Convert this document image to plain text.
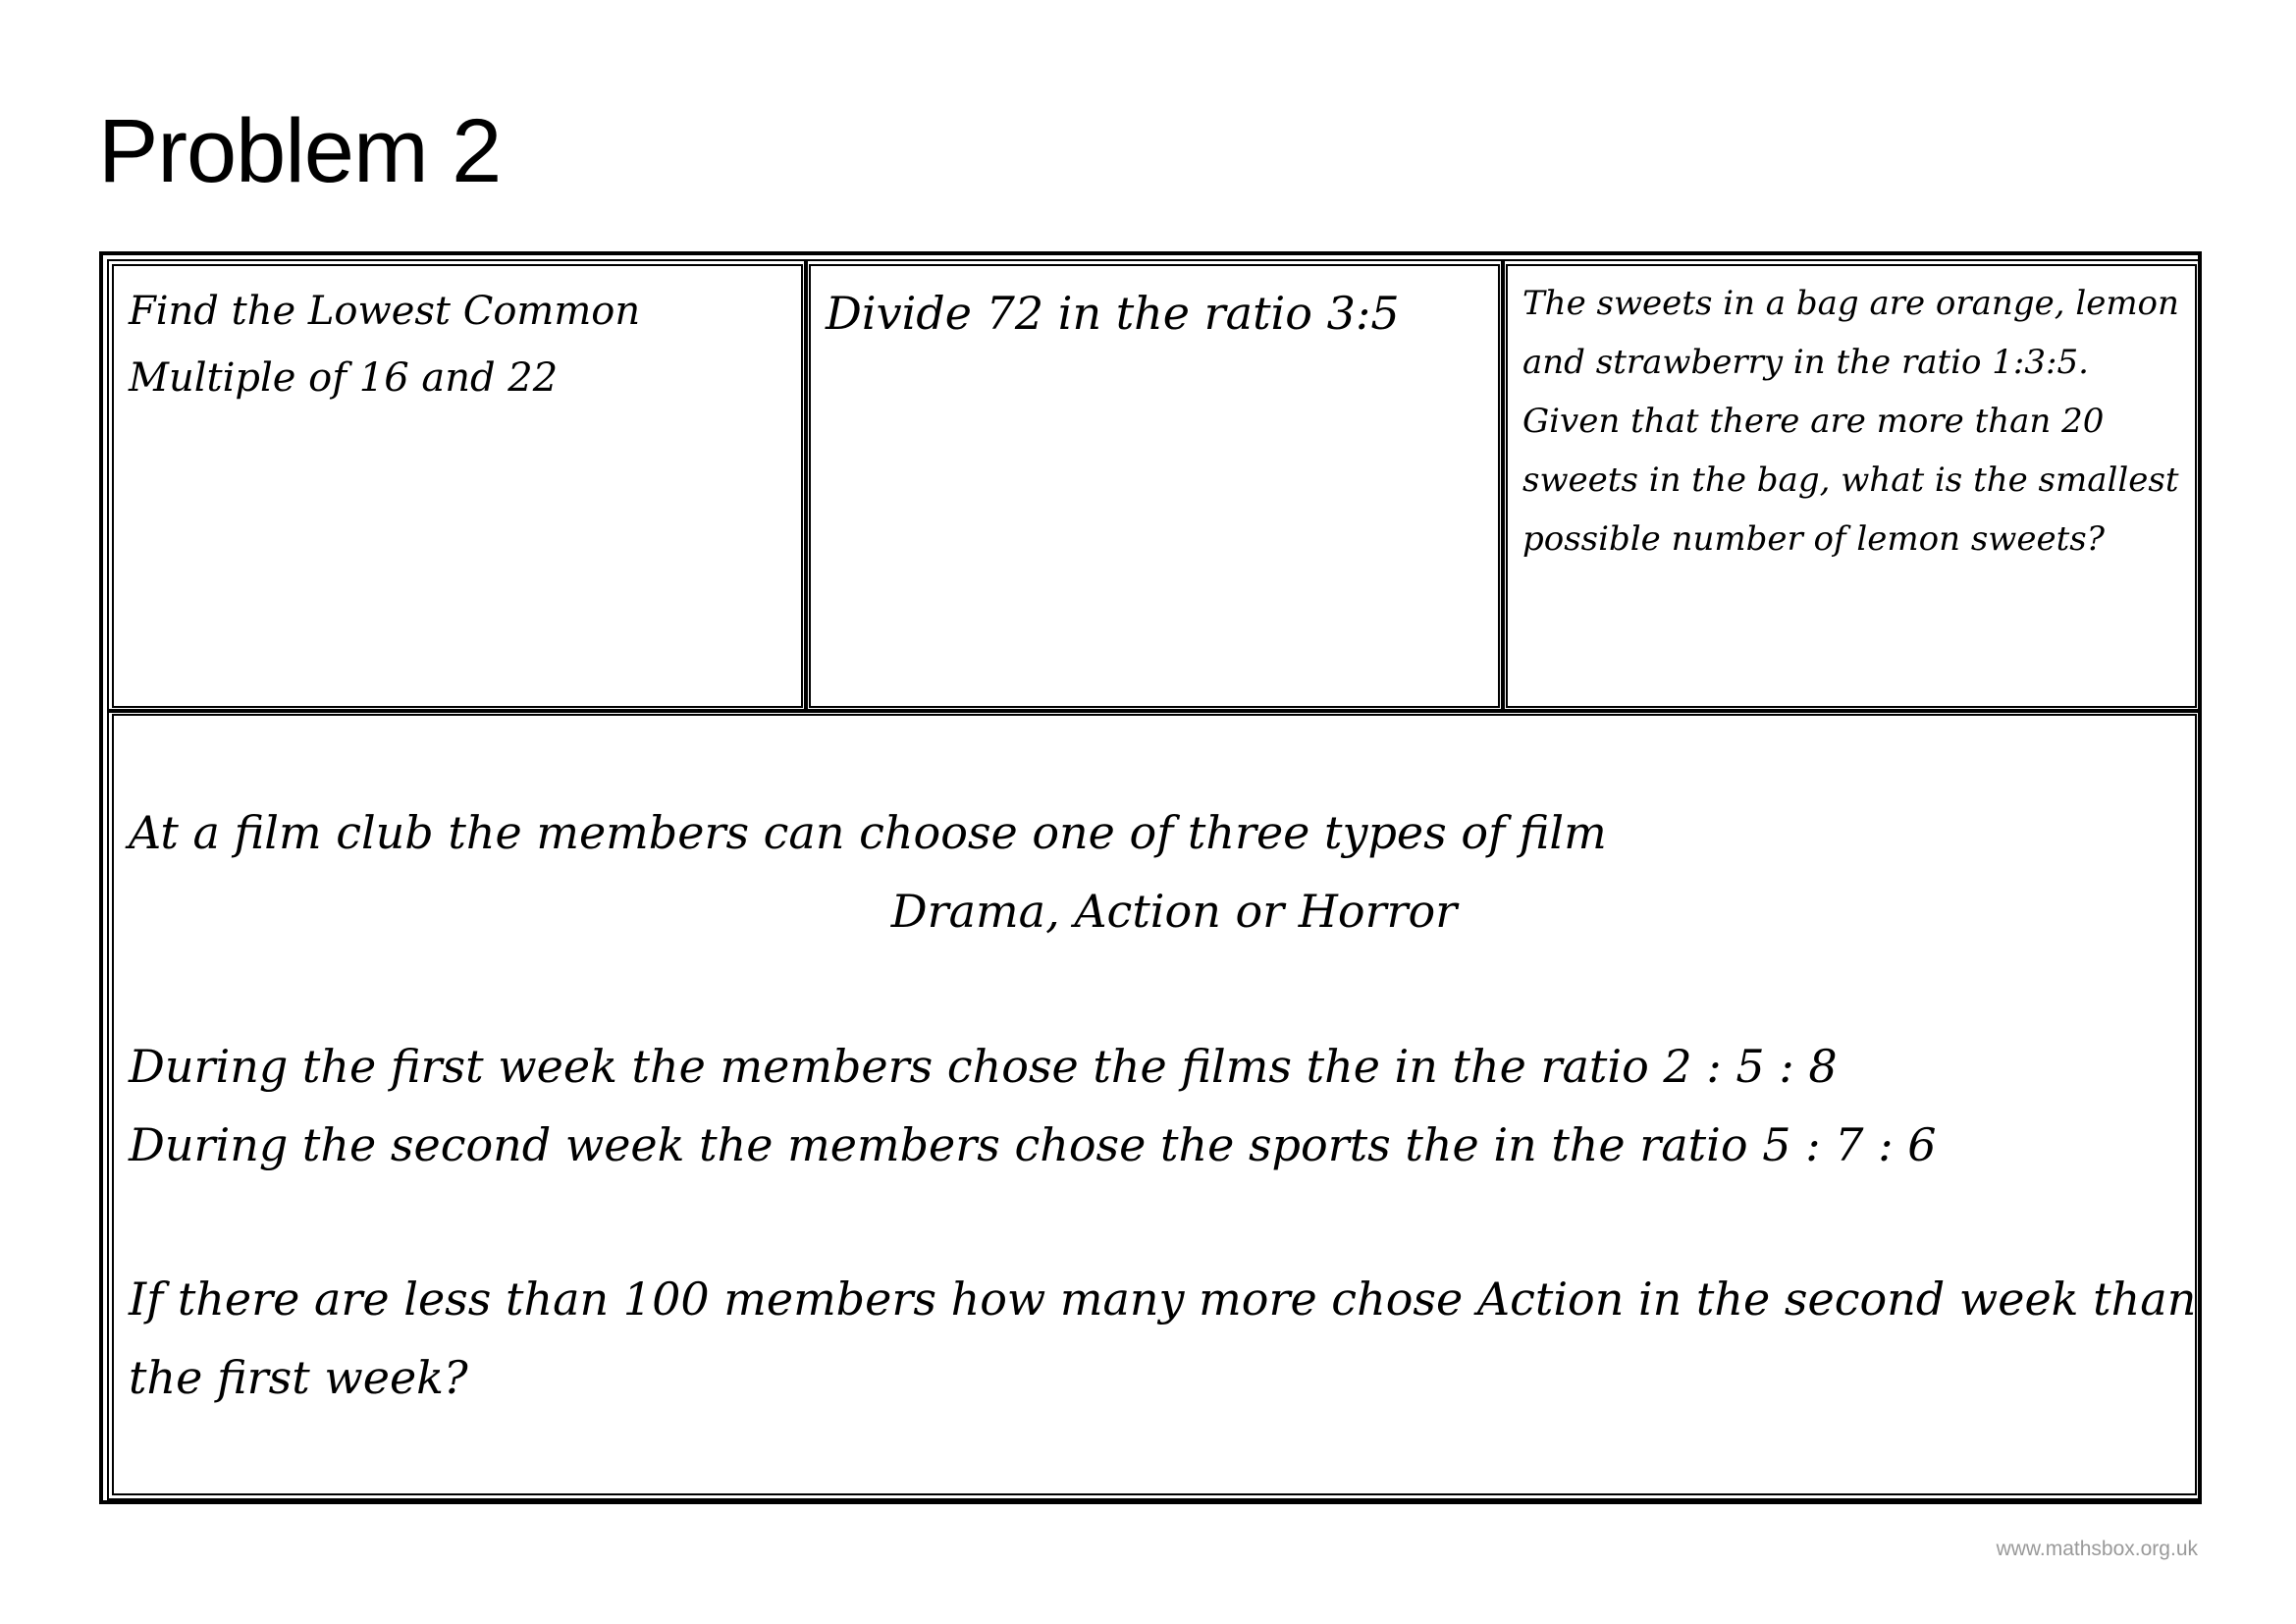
Problem 2
Find the Lowest Common
Multiple of 16 and 22
Divide 72 in the ratio 3:5	The sweets in a bag are orange, lemon
and strawberry in the ratio 1:3:5.
Given that there are more than 20
sweets in the bag, what is the smallest
possible number of lemon sweets?
At a film club the members can choose one of three types of film
Drama, Action or Horror
During the first week the members chose the films the in the ratio 2 : 5 : 8
During the second week the members chose the sports the in the ratio 5 : 7 : 6
If there are less than 100 members how many more chose Action in the second week than
the first week?
www.mathsbox.org.uk
